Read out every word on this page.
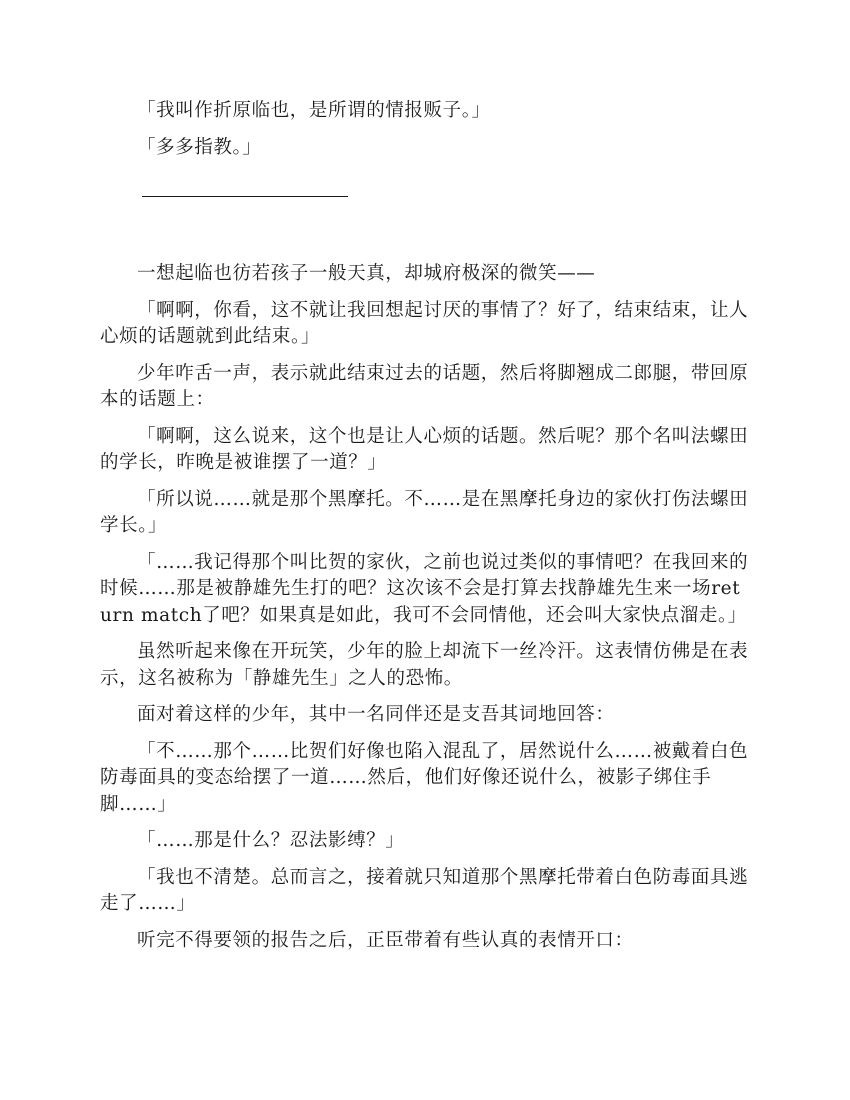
「我叫作折原临也，是所谓的情报贩子。」

「多多指教。」

一想起临也彷若孩子一般天真，却城府极深的微笑——

「啊啊，你看，这不就让我回想起讨厌的事情了？好了，结束结束，让人心烦的话题就到此结束。」

少年咋舌一声，表示就此结束过去的话题，然后将脚翘成二郎腿，带回原本的话题上：

「啊啊，这么说来，这个也是让人心烦的话题。然后呢？那个名叫法螺田的学长，昨晚是被谁摆了一道？」

「所以说……就是那个黑摩托。不……是在黑摩托身边的家伙打伤法螺田学长。」

「……我记得那个叫比贺的家伙，之前也说过类似的事情吧？在我回来的时候……那是被静雄先生打的吧？这次该不会是打算去找静雄先生来一场return match了吧？如果真是如此，我可不会同情他，还会叫大家快点溜走。」

虽然听起来像在开玩笑，少年的脸上却流下一丝冷汗。这表情仿佛是在表示，这名被称为「静雄先生」之人的恐怖。

面对着这样的少年，其中一名同伴还是支吾其词地回答：

「不……那个……比贺们好像也陷入混乱了，居然说什么……被戴着白色防毒面具的变态给摆了一道……然后，他们好像还说什么，被影子绑住手脚……」

「……那是什么？忍法影缚？」

「我也不清楚。总而言之，接着就只知道那个黑摩托带着白色防毒面具逃走了……」

听完不得要领的报告之后，正臣带着有些认真的表情开口：
